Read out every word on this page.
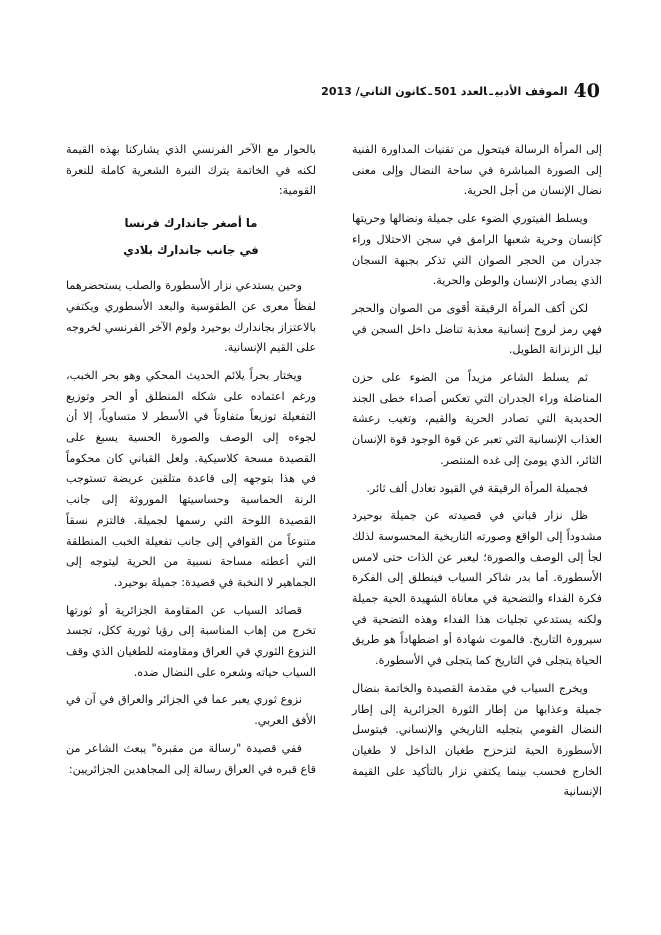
40
الموقف الأدبيـالعدد 501ـكانون الثاني/ 2013

إلى المرأة الرسالة فيتحول من تقنيات المداورة الفنية إلى الصورة المباشرة في ساحة النضال وإلى معنى نضال الإنسان من أجل الحرية.

ويسلط الفيتوري الضوء على جميلة ونضالها وحريتها كإنسان وحرية شعبها الرامق في سجن الاحتلال وراء جدران من الحجر الصوان التي تذكر بجبهة السجان الذي يصادر الإنسان والوطن والحرية.

لكن أكف المرأة الرقيقة أقوى من الصوان والحجر فهي رمز لروح إنسانية معذبة تناضل داخل السجن في ليل الزنزانة الطويل.

ثم يسلط الشاعر مزيداً من الضوء على حزن المناضلة وراء الجدران التي تعكس أصداء خطى الجند الحديدية التي تصادر الحرية والقيم، وتغيب رعشة العذاب الإنسانية التي تعبر عن قوة الوجود قوة الإنسان الثائر، الذي يومئ إلى غده المنتصر.

فجميلة المرأة الرقيقة في القيود تعادل ألف ثائر.

ظل نزار قباني في قصيدته عن جميلة بوحيرد مشدوداً إلى الواقع وصورته التاريخية المحسوسة لذلك لجأ إلى الوصف والصورة؛ ليعبر عن الذات حتى لامس الأسطورة. أما بدر شاكر السياب فينطلق إلى الفكرة فكرة الفداء والتضحية في معاناة الشهيدة الحية جميلة ولكنه يستدعي تجليات هذا الفداء وهذه التضحية في سيرورة التاريخ. فالموت شهادة أو اضطهاداً هو طريق الحياة يتجلى في التاريخ كما يتجلى في الأسطورة.

ويخرج السياب في مقدمة القصيدة والخاتمة بنضال جميلة وعذابها من إطار الثورة الجزائرية إلى إطار النضال القومي بتجليه التاريخي والإنساني. فيتوسل الأسطورة الحية لتزحزح طغيان الداخل لا طغيان الخارج فحسب بينما يكتفي نزار بالتأكيد على القيمة الإنسانية

بالحوار مع الآخر الفرنسي الذي يشاركنا بهذه القيمة لكنه في الخاتمة يترك النبرة الشعرية كاملة للنعرة القومية:

ما أصغر جاندارك فرنسا
في جانب جاندارك بلادي

وحين يستدعي نزار الأسطورة والصلب يستحضرهما لفظاً معرى عن الطقوسية والبعد الأسطوري ويكتفي بالاعتزاز بجاندارك بوحيرد ولوم الآخر الفرنسي لخروجه على القيم الإنسانية.

ويختار بحراً يلائم الحديث المحكي وهو بحر الخبب، ورغم اعتماده على شكله المنطلق أو الحر وتوزيع التفعيلة توزيعاً متفاوتاً في الأسطر لا متساوياً، إلا أن لجوءه إلى الوصف والصورة الحسية يسبغ على القصيدة مسحة كلاسيكية. ولعل القباني كان محكوماً في هذا بتوجهه إلى قاعدة متلقين عريضة تستوجب الرنة الحماسية وحساسيتها الموروثة إلى جانب القصيدة اللوحة التي رسمها لجميلة. فالتزم نسقاً متنوعاً من القوافي إلى جانب تفعيلة الخبب المنطلقة التي أعطته مساحة نسبية من الحرية ليتوجه إلى الجماهير لا النخبة في قصيدة: جميلة بوحيرد.

قصائد السياب عن المقاومة الجزائرية أو ثورتها تخرج من إهاب المناسبة إلى رؤيا ثورية ككل، تجسد النزوع الثوري في العراق ومقاومته للطغيان الذي وقف السياب حياته وشعره على النضال ضده.

نزوع ثوري يعبر عما في الجزائر والعراق في آن في الأفق العربي.

ففي قصيدة "رسالة من مقبرة" يبعث الشاعر من قاع قبره في العراق رسالة إلى المجاهدين الجزائريين:
